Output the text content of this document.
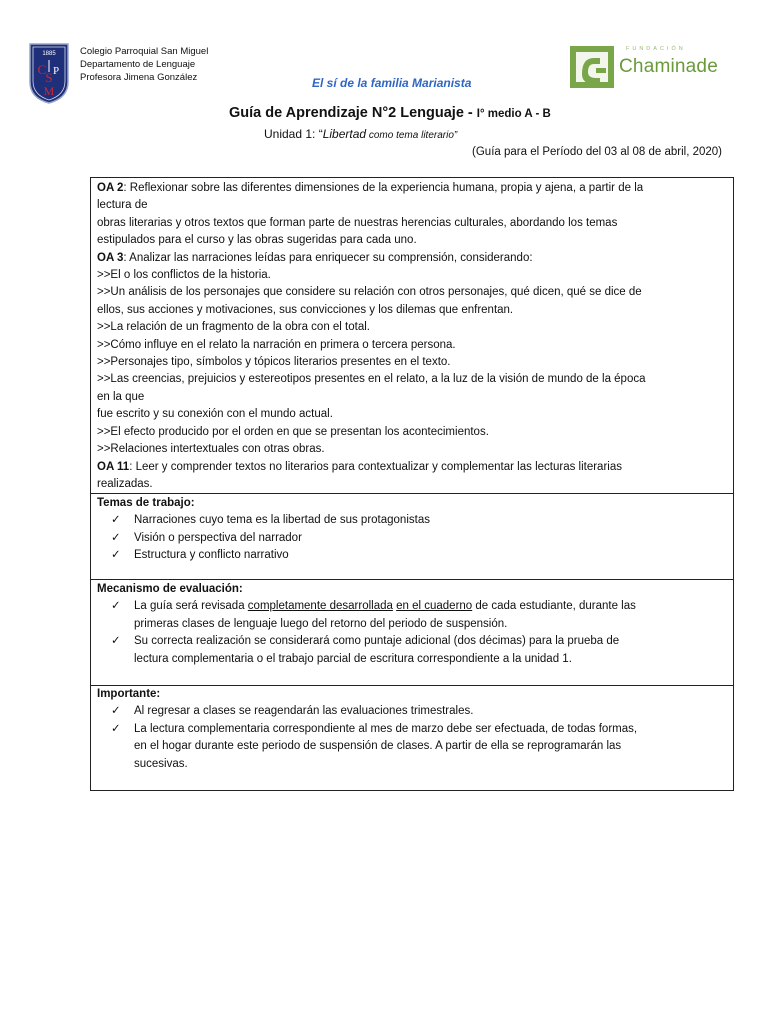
1885
C P
S
M
Colegio Parroquial San Miguel
Departamento de Lenguaje
Profesora Jimena González	El sí de la familia Marianista
FUNDACIÓN
Chaminade
Guía de Aprendizaje N°2 Lenguaje - I° medio A - B
Unidad 1: “Libertad como tema literario”
(Guía para el Período del 03 al 08 de abril, 2020)
OA 2: Reflexionar sobre las diferentes dimensiones de la experiencia humana, propia y ajena, a partir de la
lectura de
obras literarias y otros textos que forman parte de nuestras herencias culturales, abordando los temas
estipulados para el curso y las obras sugeridas para cada uno.
OA 3: Analizar las narraciones leídas para enriquecer su comprensión, considerando:
>>El o los conflictos de la historia.
>>Un análisis de los personajes que considere su relación con otros personajes, qué dicen, qué se dice de
ellos, sus acciones y motivaciones, sus convicciones y los dilemas que enfrentan.
>>La relación de un fragmento de la obra con el total.
>>Cómo influye en el relato la narración en primera o tercera persona.
>>Personajes tipo, símbolos y tópicos literarios presentes en el texto.
>>Las creencias, prejuicios y estereotipos presentes en el relato, a la luz de la visión de mundo de la época
en la que
fue escrito y su conexión con el mundo actual.
>>El efecto producido por el orden en que se presentan los acontecimientos.
>>Relaciones intertextuales con otras obras.
OA 11: Leer y comprender textos no literarios para contextualizar y complementar las lecturas literarias
realizadas.
Temas de trabajo:
✓ Narraciones cuyo tema es la libertad de sus protagonistas
✓ Visión o perspectiva del narrador
✓ Estructura y conflicto narrativo
Mecanismo de evaluación:
✓ La guía será revisada completamente desarrollada en el cuaderno de cada estudiante, durante las
primeras clases de lenguaje luego del retorno del periodo de suspensión.
✓ Su correcta realización se considerará como puntaje adicional (dos décimas) para la prueba de
lectura complementaria o el trabajo parcial de escritura correspondiente a la unidad 1.
Importante:
✓ Al regresar a clases se reagendarán las evaluaciones trimestrales.
✓ La lectura complementaria correspondiente al mes de marzo debe ser efectuada, de todas formas,
en el hogar durante este periodo de suspensión de clases. A partir de ella se reprogramarán las
sucesivas.
